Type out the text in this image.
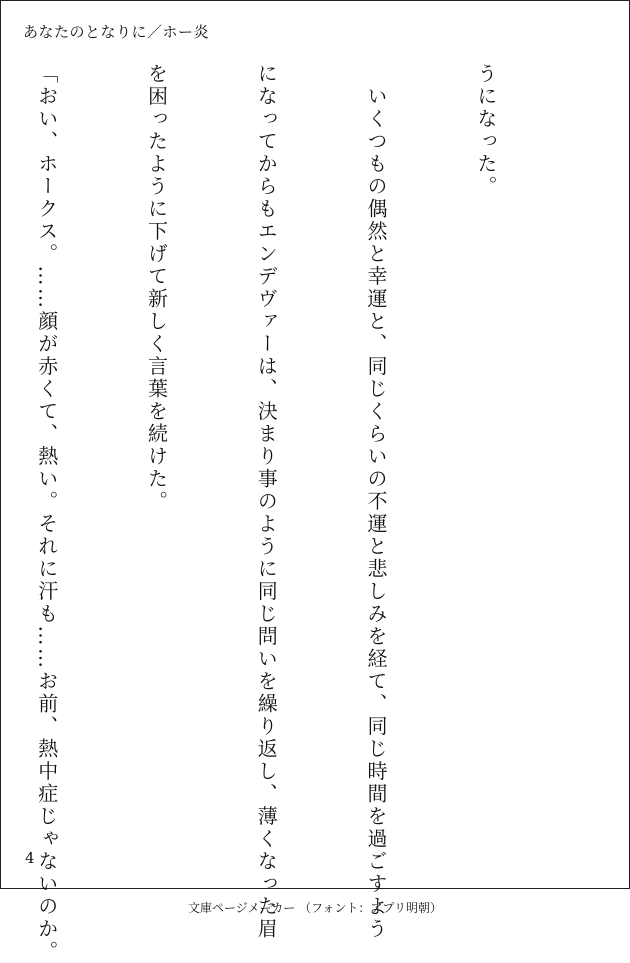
あなたのとなりに／ホー炎

うになった。

　いくつもの偶然と幸運と、同じくらいの不運と悲しみを経て、同じ時間を過ごすよう

になってからもエンデヴァーは、決まり事のように同じ問いを繰り返し、薄くなった眉

を困ったように下げて新しく言葉を続けた。

「おい、ホークス。……顔が赤くて、熱い。それに汗も……お前、熱中症じゃないのか。

4
文庫ページメーカー （フォント：アプリ明朝）
